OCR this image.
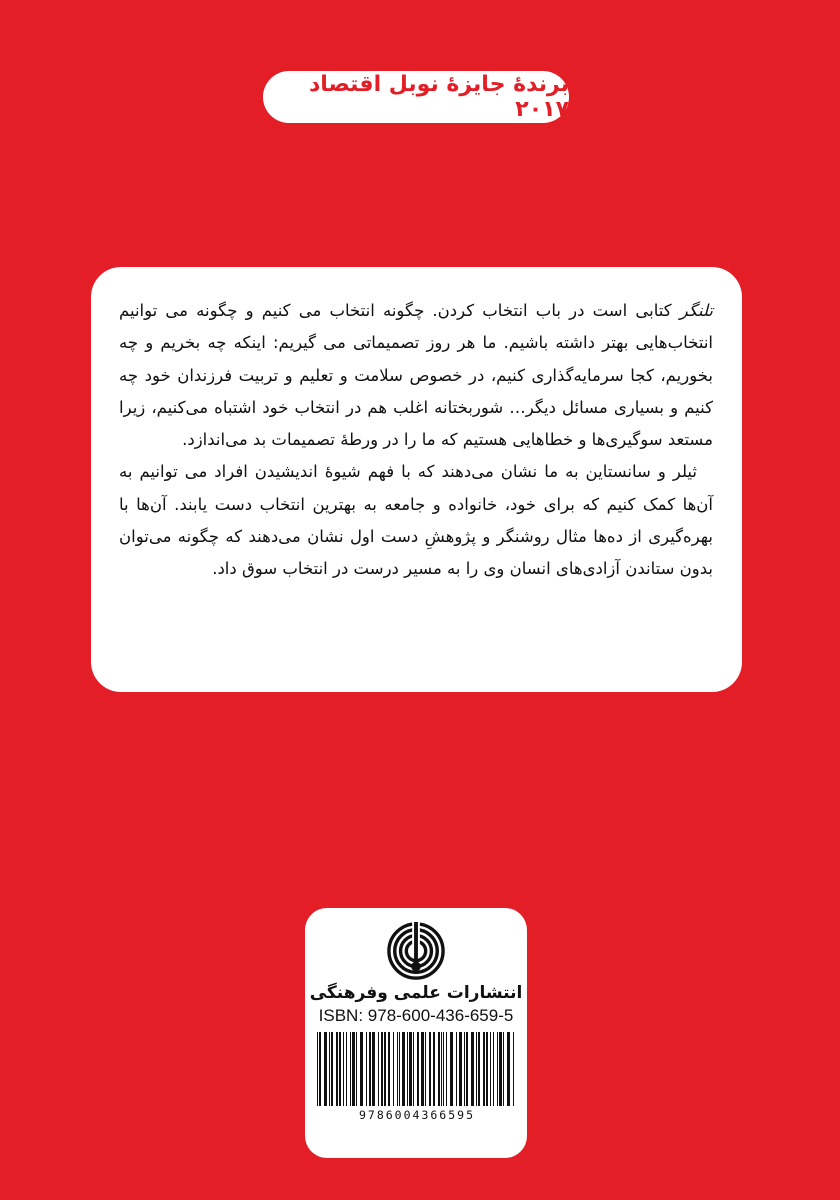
برندهٔ جایزهٔ نوبل اقتصاد ۲۰۱۷

تلنگر کتابی است در باب انتخاب کردن. چگونه انتخاب می کنیم و چگونه می توانیم انتخاب‌هایی بهتر داشته باشیم. ما هر روز تصمیماتی می گیریم: اینکه چه بخریم و چه بخوریم، کجا سرمایه‌گذاری کنیم، در خصوص سلامت و تعلیم و تربیت فرزندان خود چه کنیم و بسیاری مسائل دیگر… شوربختانه اغلب هم در انتخاب خود اشتباه می‌کنیم، زیرا مستعد سوگیری‌ها و خطاهایی هستیم که ما را در ورطهٔ تصمیمات بد می‌اندازد.

ثیلر و سانستاین به ما نشان می‌دهند که با فهم شیوهٔ اندیشیدن افراد می توانیم به آن‌ها کمک کنیم که برای خود، خانواده و جامعه به بهترین انتخاب دست یابند. آن‌ها با بهره‌گیری از ده‌ها مثال روشنگر و پژوهشِ دست اول نشان می‌دهند که چگونه می‌توان بدون ستاندن آزادی‌های انسان وی را به مسیر درست در انتخاب سوق داد.

انتشارات علمی وفرهنگی
ISBN: 978-600-436-659-5
9786004366595
